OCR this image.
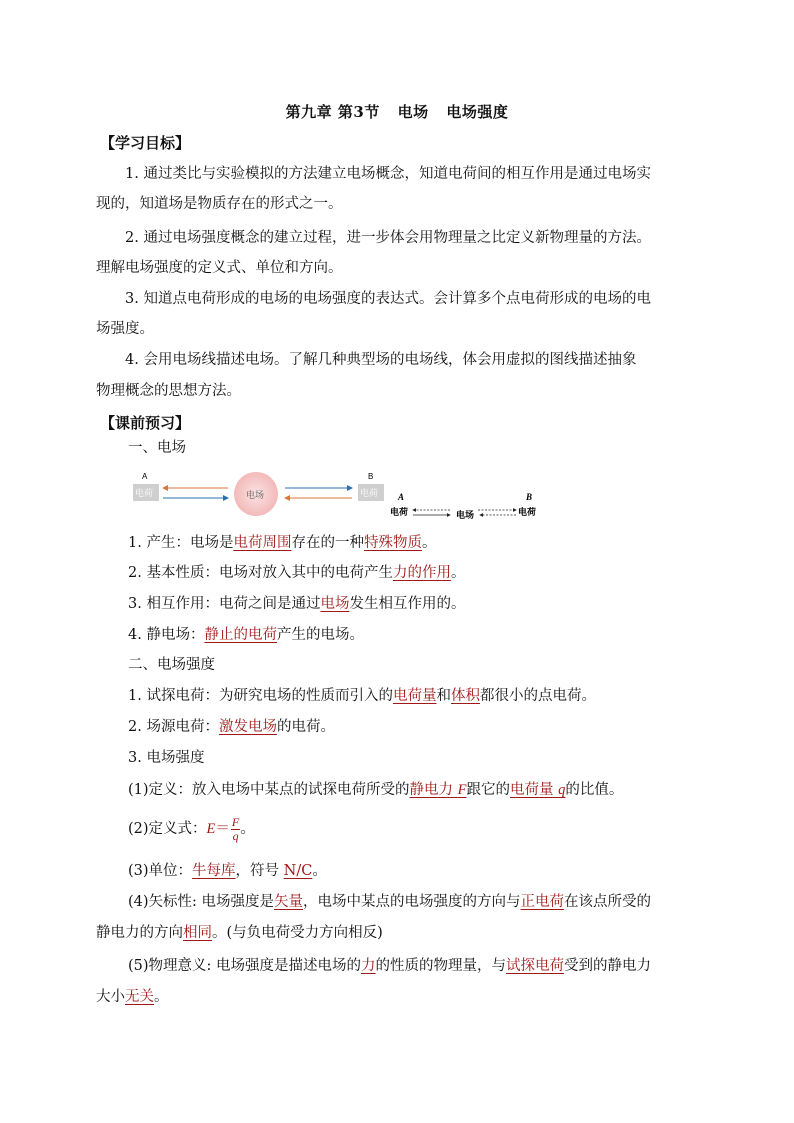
第九章 第3节 电场 电场强度
【学习目标】
1. 通过类比与实验模拟的方法建立电场概念，知道电荷间的相互作用是通过电场实
现的，知道场是物质存在的形式之一。
2. 通过电场强度概念的建立过程，进一步体会用物理量之比定义新物理量的方法。
理解电场强度的定义式、单位和方向。
3. 知道点电荷形成的电场的电场强度的表达式。会计算多个点电荷形成的电场的电
场强度。
4. 会用电场线描述电场。了解几种典型场的电场线，体会用虚拟的图线描述抽象
物理概念的思想方法。
【课前预习】
一、电场
A
电荷	电场
B
电荷 A	B
电荷	电场	电荷
1. 产生：电场是电荷周围存在的一种特殊物质。
2. 基本性质：电场对放入其中的电荷产生力的作用。
3. 相互作用：电荷之间是通过电场发生相互作用的。
4. 静电场：静止的电荷产生的电场。
二、电场强度
1. 试探电荷：为研究电场的性质而引入的电荷量和体积都很小的点电荷。
2. 场源电荷：激发电场的电荷。
3. 电场强度
(1)定义：放入电场中某点的试探电荷所受的静电力 F跟它的电荷量 q的比值。
(2)定义式：$E= \frac{F}{q}$ 。
(3)单位：牛每库，符号 N/C。
(4)矢标性: 电场强度是矢量，电场中某点的电场强度的方向与正电荷在该点所受的
静电力的方向相同。(与负电荷受力方向相反)
(5)物理意义: 电场强度是描述电场的力的性质的物理量，与试探电荷受到的静电力
大小无关。
